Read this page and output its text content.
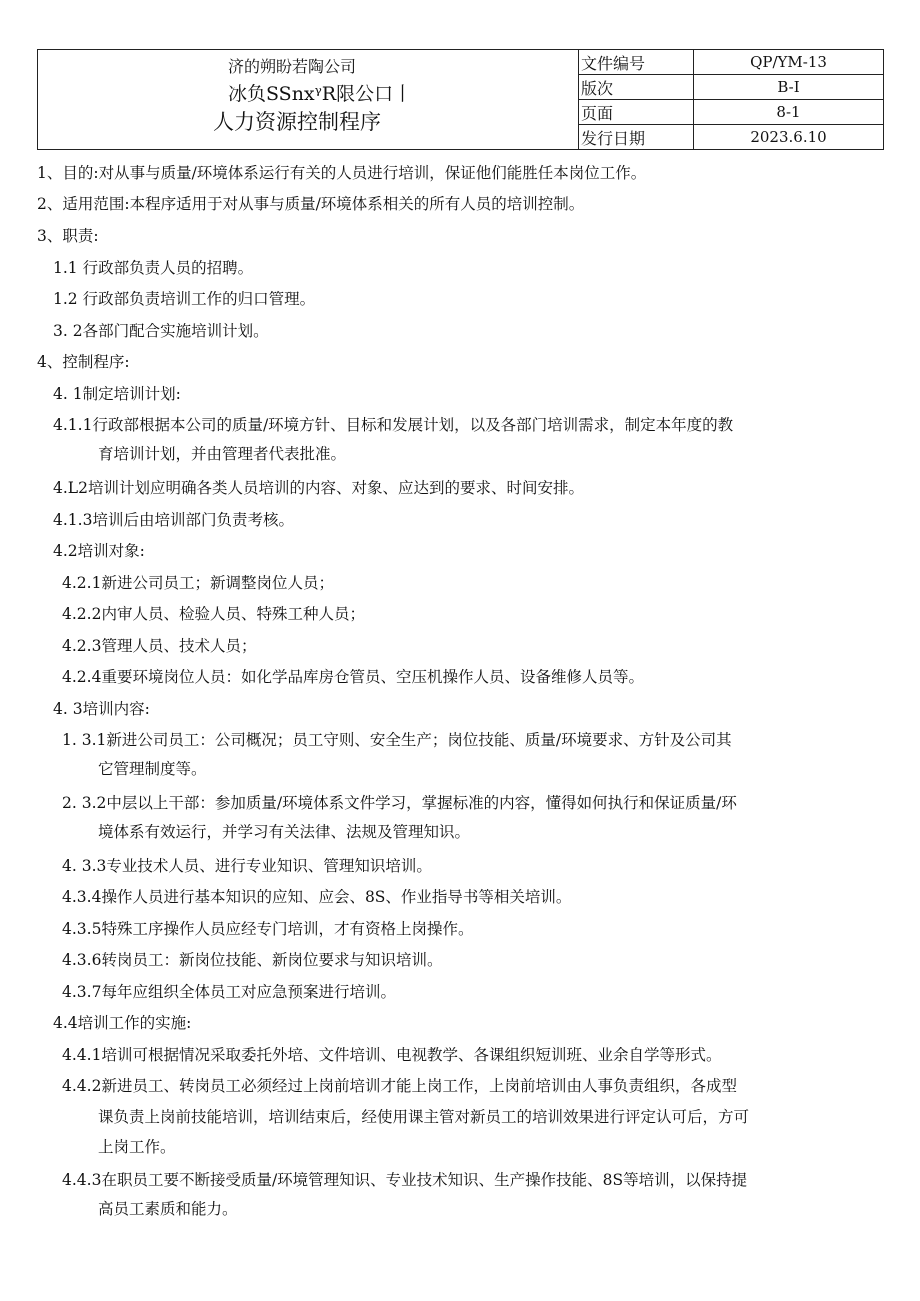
济的朔盼若陶公司
冰负SSnxᵞR限公口丨
人力资源控制程序	文件编号	QP/YM-13
	版次	B-I
	页面	8-1
	发行日期	2023.6.10
1、目的:对从事与质量/环境体系运行有关的人员进行培训，保证他们能胜任本岗位工作。
2、适用范围:本程序适用于对从事与质量/环境体系相关的所有人员的培训控制。
3、职责:
1.1 行政部负责人员的招聘。
1.2 行政部负责培训工作的归口管理。
3. 2各部门配合实施培训计划。
4、控制程序:
4. 1制定培训计划:
4.1.1行政部根据本公司的质量/环境方针、目标和发展计划，以及各部门培训需求，制定本年度的教
育培训计划，并由管理者代表批准。
4.L2培训计划应明确各类人员培训的内容、对象、应达到的要求、时间安排。
4.1.3培训后由培训部门负责考核。
4.2培训对象:
4.2.1新进公司员工；新调整岗位人员；
4.2.2内审人员、检验人员、特殊工种人员；
4.2.3管理人员、技术人员；
4.2.4重要环境岗位人员：如化学品库房仓管员、空压机操作人员、设备维修人员等。
4. 3培训内容:
1. 3.1新进公司员工：公司概况；员工守则、安全生产；岗位技能、质量/环境要求、方针及公司其
它管理制度等。
2. 3.2中层以上干部：参加质量/环境体系文件学习，掌握标准的内容，懂得如何执行和保证质量/环
境体系有效运行，并学习有关法律、法规及管理知识。
4. 3.3专业技术人员、进行专业知识、管理知识培训。
4.3.4操作人员进行基本知识的应知、应会、8S、作业指导书等相关培训。
4.3.5特殊工序操作人员应经专门培训，才有资格上岗操作。
4.3.6转岗员工：新岗位技能、新岗位要求与知识培训。
4.3.7每年应组织全体员工对应急预案进行培训。
4.4培训工作的实施:
4.4.1培训可根据情况采取委托外培、文件培训、电视教学、各课组织短训班、业余自学等形式。
4.4.2新进员工、转岗员工必须经过上岗前培训才能上岗工作，上岗前培训由人事负责组织，各成型
课负责上岗前技能培训，培训结束后，经使用课主管对新员工的培训效果进行评定认可后，方可
上岗工作。
4.4.3在职员工要不断接受质量/环境管理知识、专业技术知识、生产操作技能、8S等培训，以保持提
高员工素质和能力。
